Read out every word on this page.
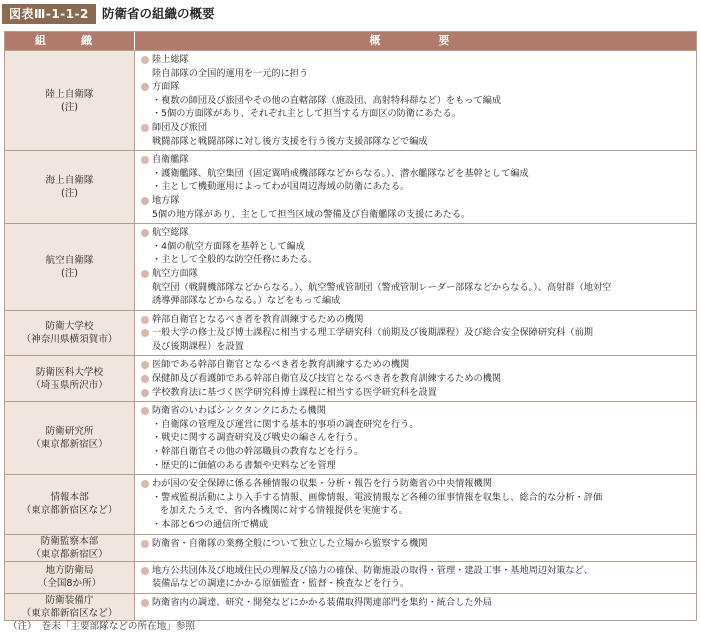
図表Ⅲ-1-1-2	防衛省の組織の概要
組　織	概　　要
陸上自衛隊
(注)
陸上総隊
陸自部隊の全国的運用を一元的に担う
方面隊
・複数の師団及び旅団やその他の直轄部隊（施設団、高射特科群など）をもって編成
・5個の方面隊があり、それぞれ主として担当する方面区の防衛にあたる。
師団及び旅団
戦闘部隊と戦闘部隊に対し後方支援を行う後方支援部隊などで編成
海上自衛隊
(注)
自衛艦隊
・護衛艦隊、航空集団（固定翼哨戒機部隊などからなる。）、潜水艦隊などを基幹として編成
・主として機動運用によってわが国周辺海域の防衛にあたる。
地方隊
5個の地方隊があり、主として担当区域の警備及び自衛艦隊の支援にあたる。
航空自衛隊
(注)
航空総隊
・4個の航空方面隊を基幹として編成
・主として全般的な防空任務にあたる。
航空方面隊
航空団（戦闘機部隊などからなる。）、航空警戒管制団（警戒管制レーダー部隊などからなる。）、高射群（地対空
誘導弾部隊などからなる。）などをもって編成
防衛大学校
（神奈川県横須賀市）
幹部自衛官となるべき者を教育訓練するための機関
一般大学の修士及び博士課程に相当する理工学研究科（前期及び後期課程）及び総合安全保障研究科（前期
及び後期課程）を設置
防衛医科大学校
（埼玉県所沢市）
医師である幹部自衛官となるべき者を教育訓練するための機関
保健師及び看護師である幹部自衛官及び技官となるべき者を教育訓練するための機関
学校教育法に基づく医学研究科博士課程に相当する医学研究科を設置
防衛研究所
（東京都新宿区）
防衛省のいわばシンクタンクにあたる機関
・自衛隊の管理及び運営に関する基本的事項の調査研究を行う。
・戦史に関する調査研究及び戦史の編さんを行う。
・幹部自衛官その他の幹部職員の教育などを行う。
・歴史的に価値のある書類や史料などを管理
情報本部
（東京都新宿区など）
わが国の安全保障に係る各種情報の収集・分析・報告を行う防衛省の中央情報機関
・警戒監視活動により入手する情報、画像情報、電波情報など各種の軍事情報を収集し、総合的な分析・評価
を加えたうえで、省内各機関に対する情報提供を実施する。
・本部と6つの通信所で構成
防衛監察本部
（東京都新宿区）
防衛省・自衛隊の業務全般について独立した立場から監察する機関
地方防衛局
（全国8か所）
地方公共団体及び地域住民の理解及び協力の確保、防衛施設の取得・管理・建設工事・基地周辺対策など、
装備品などの調達にかかる原価監査・監督・検査などを行う。
防衛装備庁
（東京都新宿区など）
防衛省内の調達、研究・開発などにかかる装備取得関連部門を集約・統合した外局
（注）　巻末「主要部隊などの所在地」参照
